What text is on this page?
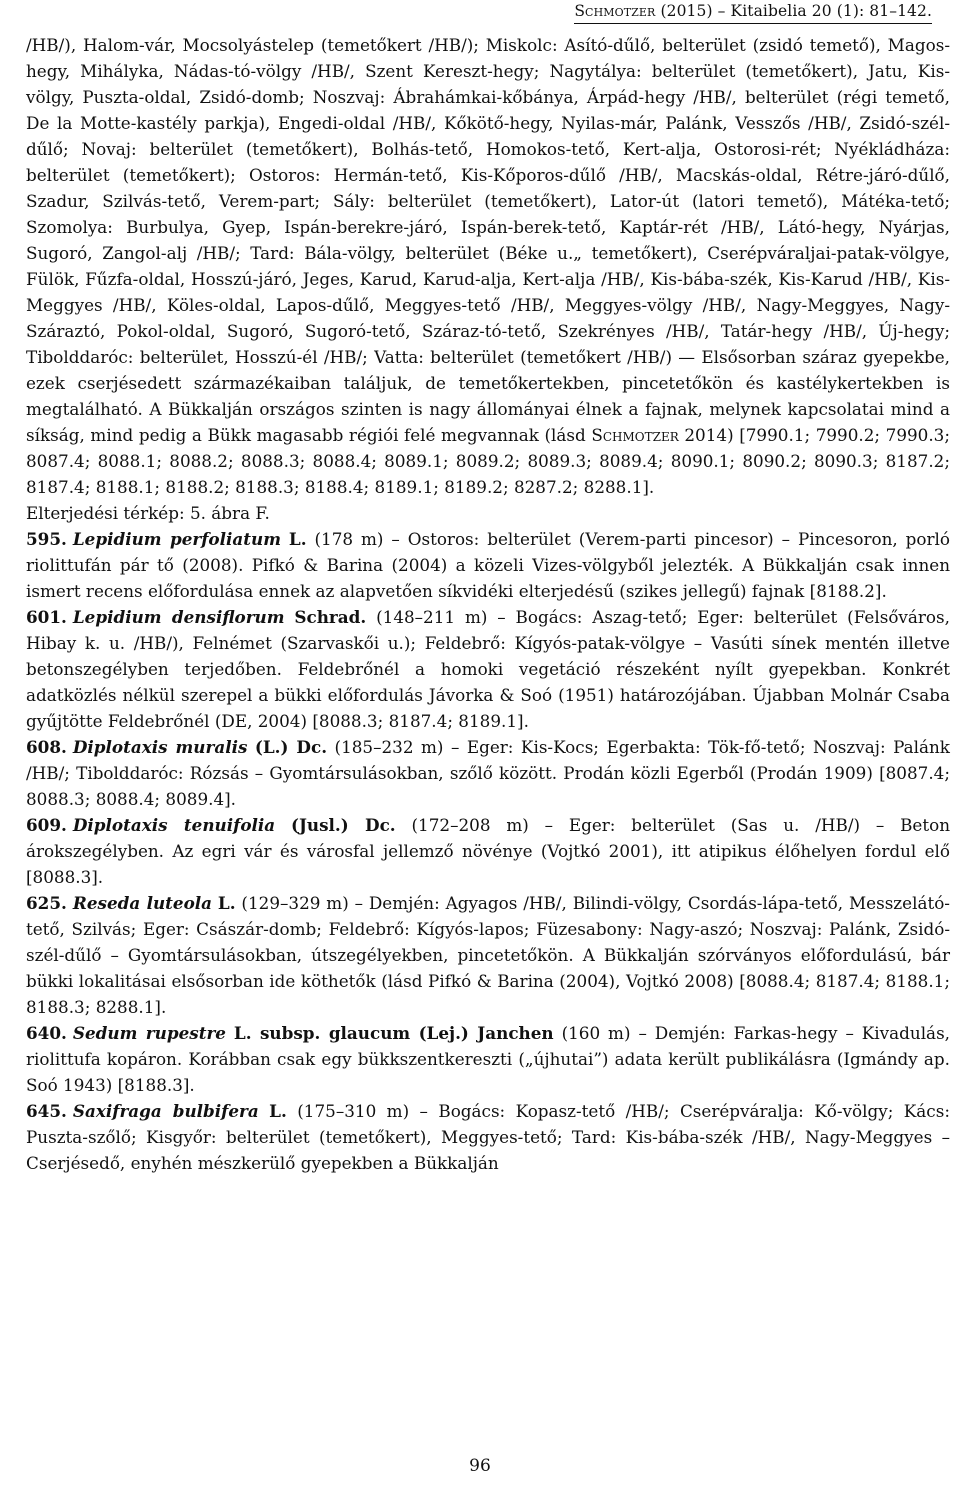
Schmotzer (2015) – Kitaibelia 20 (1): 81–142.

/HB/), Halom-vár, Mocsolyástelep (temetőkert /HB/); Miskolc: Asító-dűlő, belterület (zsidó temető), Magos-hegy, Mihályka, Nádas-tó-völgy /HB/, Szent Kereszt-hegy; Nagytálya: belterület (temetőkert), Jatu, Kis-völgy, Puszta-oldal, Zsidó-domb; Noszvaj: Ábrahámkai-kőbánya, Árpád-hegy /HB/, belterület (régi temető, De la Motte-kastély parkja), Engedi-oldal /HB/, Kőkötő-hegy, Nyilas-már, Palánk, Vesszős /HB/, Zsidó-szél-dűlő; Novaj: belterület (temetőkert), Bolhás-tető, Homokos-tető, Kert-alja, Ostorosi-rét; Nyékládháza: belterület (temetőkert); Ostoros: Hermán-tető, Kis-Kőporos-dűlő /HB/, Macskás-oldal, Rétre-járó-dűlő, Szadur, Szilvás-tető, Verem-part; Sály: belterület (temetőkert), Lator-út (latori temető), Mátéka-tető; Szomolya: Burbulya, Gyep, Ispán-berekre-járó, Ispán-berek-tető, Kaptár-rét /HB/, Látó-hegy, Nyárjas, Sugoró, Zangol-alj /HB/; Tard: Bála-völgy, belterület (Béke u.„ temetőkert), Cserépváraljai-patak-völgye, Fülök, Fűzfa-oldal, Hosszú-járó, Jeges, Karud, Karud-alja, Kert-alja /HB/, Kis-bába-szék, Kis-Karud /HB/, Kis-Meggyes /HB/, Köles-oldal, Lapos-dűlő, Meggyes-tető /HB/, Meggyes-völgy /HB/, Nagy-Meggyes, Nagy-Száraztó, Pokol-oldal, Sugoró, Sugoró-tető, Száraz-tó-tető, Szekrényes /HB/, Tatár-hegy /HB/, Új-hegy; Tibolddaróc: belterület, Hosszú-él /HB/; Vatta: belterület (temetőkert /HB/) — Elsősorban száraz gyepekbe, ezek cserjésedett származékaiban találjuk, de temetőkertekben, pincetetőkön és kastélykertekben is megtalálható. A Bükkalján országos szinten is nagy állományai élnek a fajnak, melynek kapcsolatai mind a síkság, mind pedig a Bükk magasabb régiói felé megvannak (lásd Schmotzer 2014) [7990.1; 7990.2; 7990.3; 8087.4; 8088.1; 8088.2; 8088.3; 8088.4; 8089.1; 8089.2; 8089.3; 8089.4; 8090.1; 8090.2; 8090.3; 8187.2; 8187.4; 8188.1; 8188.2; 8188.3; 8188.4; 8189.1; 8189.2; 8287.2; 8288.1].

Elterjedési térkép: 5. ábra F.

595. Lepidium perfoliatum L. (178 m) – Ostoros: belterület (Verem-parti pincesor) – Pincesoron, porló riolittufán pár tő (2008). Pifkó & Barina (2004) a közeli Vizes-völgyből jelezték. A Bükkalján csak innen ismert recens előfordulása ennek az alapvetően síkvidéki elterjedésű (szikes jellegű) fajnak [8188.2].

601. Lepidium densiflorum Schrad. (148–211 m) – Bogács: Aszag-tető; Eger: belterület (Felsőváros, Hibay k. u. /HB/), Felnémet (Szarvaskői u.); Feldebrő: Kígyós-patak-völgye – Vasúti sínek mentén illetve betonszegélyben terjedőben. Feldebrőnél a homoki vegetáció részeként nyílt gyepekban. Konkrét adatközlés nélkül szerepel a bükki előfordulás Jávorka & Soó (1951) határozójában. Újabban Molnár Csaba gyűjtötte Feldebrőnél (DE, 2004) [8088.3; 8187.4; 8189.1].

608. Diplotaxis muralis (L.) Dc. (185–232 m) – Eger: Kis-Kocs; Egerbakta: Tök-fő-tető; Noszvaj: Palánk /HB/; Tibolddaróc: Rózsás – Gyomtársulásokban, szőlő között. Prodán közli Egerből (Prodán 1909) [8087.4; 8088.3; 8088.4; 8089.4].

609. Diplotaxis tenuifolia (Jusl.) Dc. (172–208 m) – Eger: belterület (Sas u. /HB/) – Beton árokszegélyben. Az egri vár és városfal jellemző növénye (Vojtkó 2001), itt atipikus élőhelyen fordul elő [8088.3].

625. Reseda luteola L. (129–329 m) – Demjén: Agyagos /HB/, Bilindi-völgy, Csordás-lápa-tető, Messzelátó-tető, Szilvás; Eger: Császár-domb; Feldebrő: Kígyós-lapos; Füzesabony: Nagy-aszó; Noszvaj: Palánk, Zsidó-szél-dűlő – Gyomtársulásokban, útszegélyekben, pincetetőkön. A Bükkalján szórványos előfordulású, bár bükki lokalitásai elsősorban ide köthetők (lásd Pifkó & Barina (2004), Vojtkó 2008) [8088.4; 8187.4; 8188.1; 8188.3; 8288.1].

640. Sedum rupestre L. subsp. glaucum (Lej.) Janchen (160 m) – Demjén: Farkas-hegy – Kivadulás, riolittufa kopáron. Korábban csak egy bükkszentkereszti („újhutai”) adata került publikálásra (Igmándy ap. Soó 1943) [8188.3].

645. Saxifraga bulbifera L. (175–310 m) – Bogács: Kopasz-tető /HB/; Cserépváralja: Kő-völgy; Kács: Puszta-szőlő; Kisgyőr: belterület (temetőkert), Meggyes-tető; Tard: Kis-bába-szék /HB/, Nagy-Meggyes – Cserjésedő, enyhén mészkerülő gyepekben a Bükkalján

96
